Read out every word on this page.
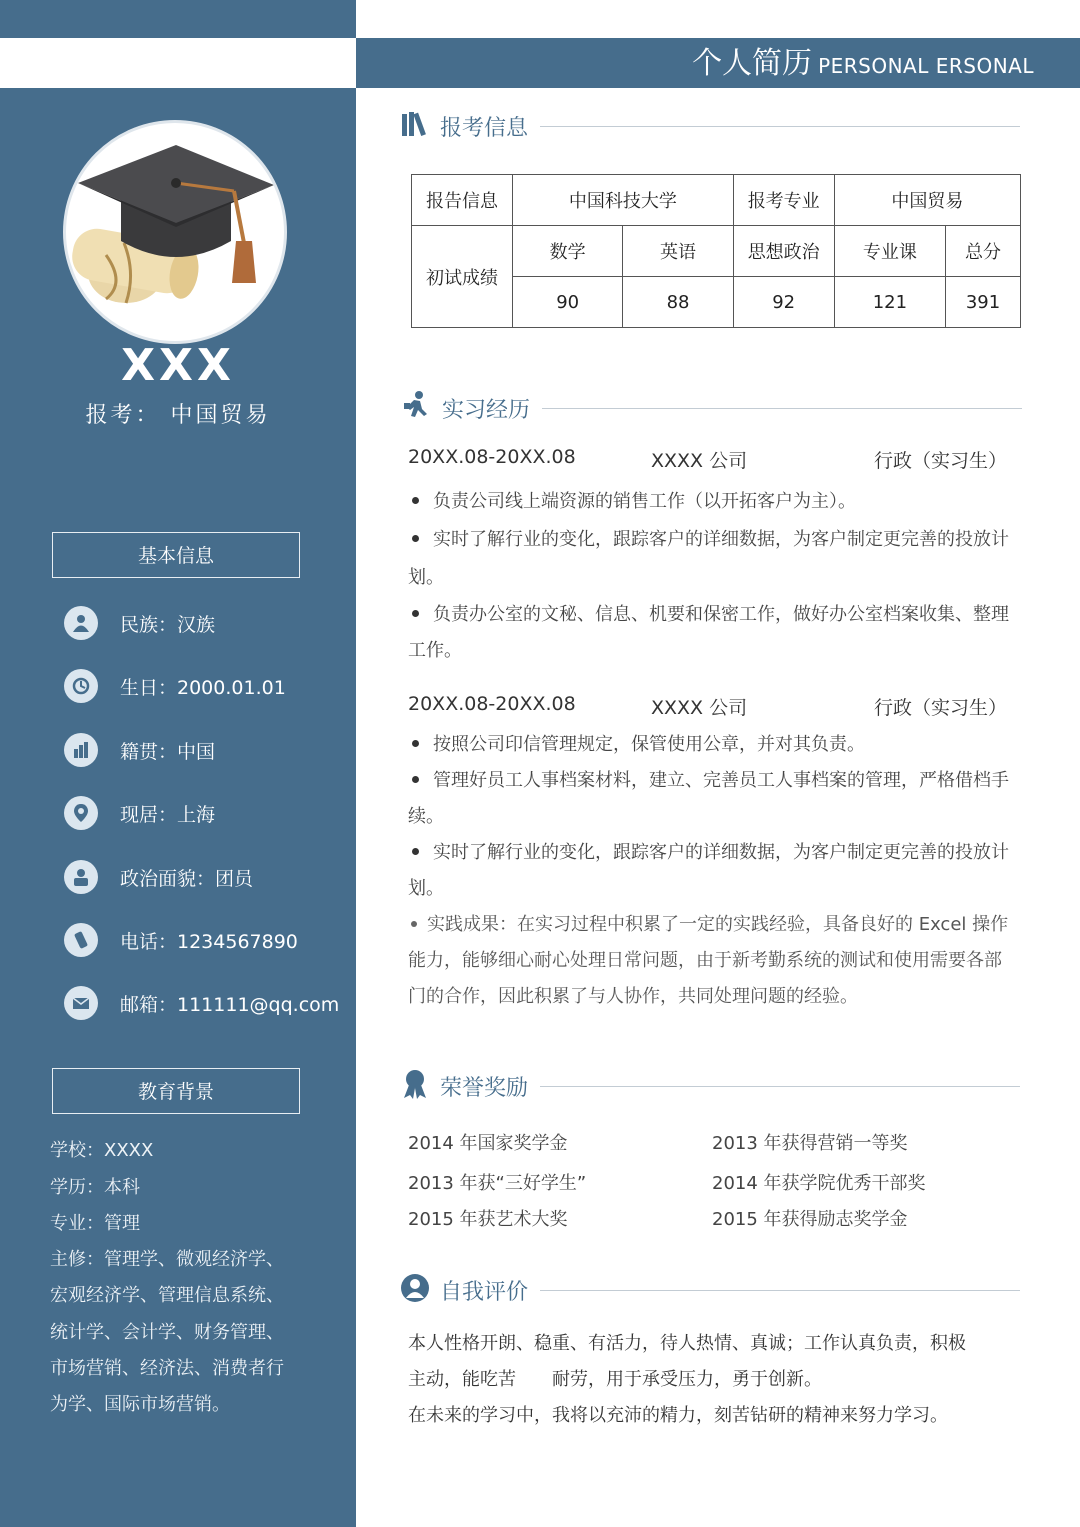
个人简历 PERSONAL ERSONAL
XXX
报考： 中国贸易
基本信息
民族：汉族
生日：2000.01.01
籍贯：中国
现居：上海
政治面貌：团员
电话：1234567890
邮箱：111111@qq.com
教育背景
学校：XXXX
学历：本科
专业：管理
主修：管理学、微观经济学、
宏观经济学、管理信息系统、
统计学、会计学、财务管理、
市场营销、经济法、消费者行
为学、国际市场营销。
报考信息
报告信息	中国科技大学		报考专业	中国贸易	
初试成绩	数学	英语	思想政治	专业课	总分
	90	88	92	121	391
实习经历
20XX.08-20XX.08	XXXX 公司	行政（实习生）
负责公司线上端资源的销售工作（以开拓客户为主）。
实时了解行业的变化，跟踪客户的详细数据，为客户制定更完善的投放计划。
负责办公室的文秘、信息、机要和保密工作，做好办公室档案收集、整理工作。
20XX.08-20XX.08	XXXX 公司	行政（实习生）
按照公司印信管理规定，保管使用公章，并对其负责。
管理好员工人事档案材料，建立、完善员工人事档案的管理，严格借档手续。
实时了解行业的变化，跟踪客户的详细数据，为客户制定更完善的投放计划。
实践成果：在实习过程中积累了一定的实践经验，具备良好的 Excel 操作能力，能够细心耐心处理日常问题，由于新考勤系统的测试和使用需要各部门的合作，因此积累了与人协作，共同处理问题的经验。
荣誉奖励
2014 年国家奖学金	2013 年获得营销一等奖
2013 年获“三好学生”	2014 年获学院优秀干部奖
2015 年获艺术大奖	2015 年获得励志奖学金
自我评价
本人性格开朗、稳重、有活力，待人热情、真诚；工作认真负责，积极
主动，能吃苦　　耐劳，用于承受压力，勇于创新。
在未来的学习中，我将以充沛的精力，刻苦钻研的精神来努力学习。
